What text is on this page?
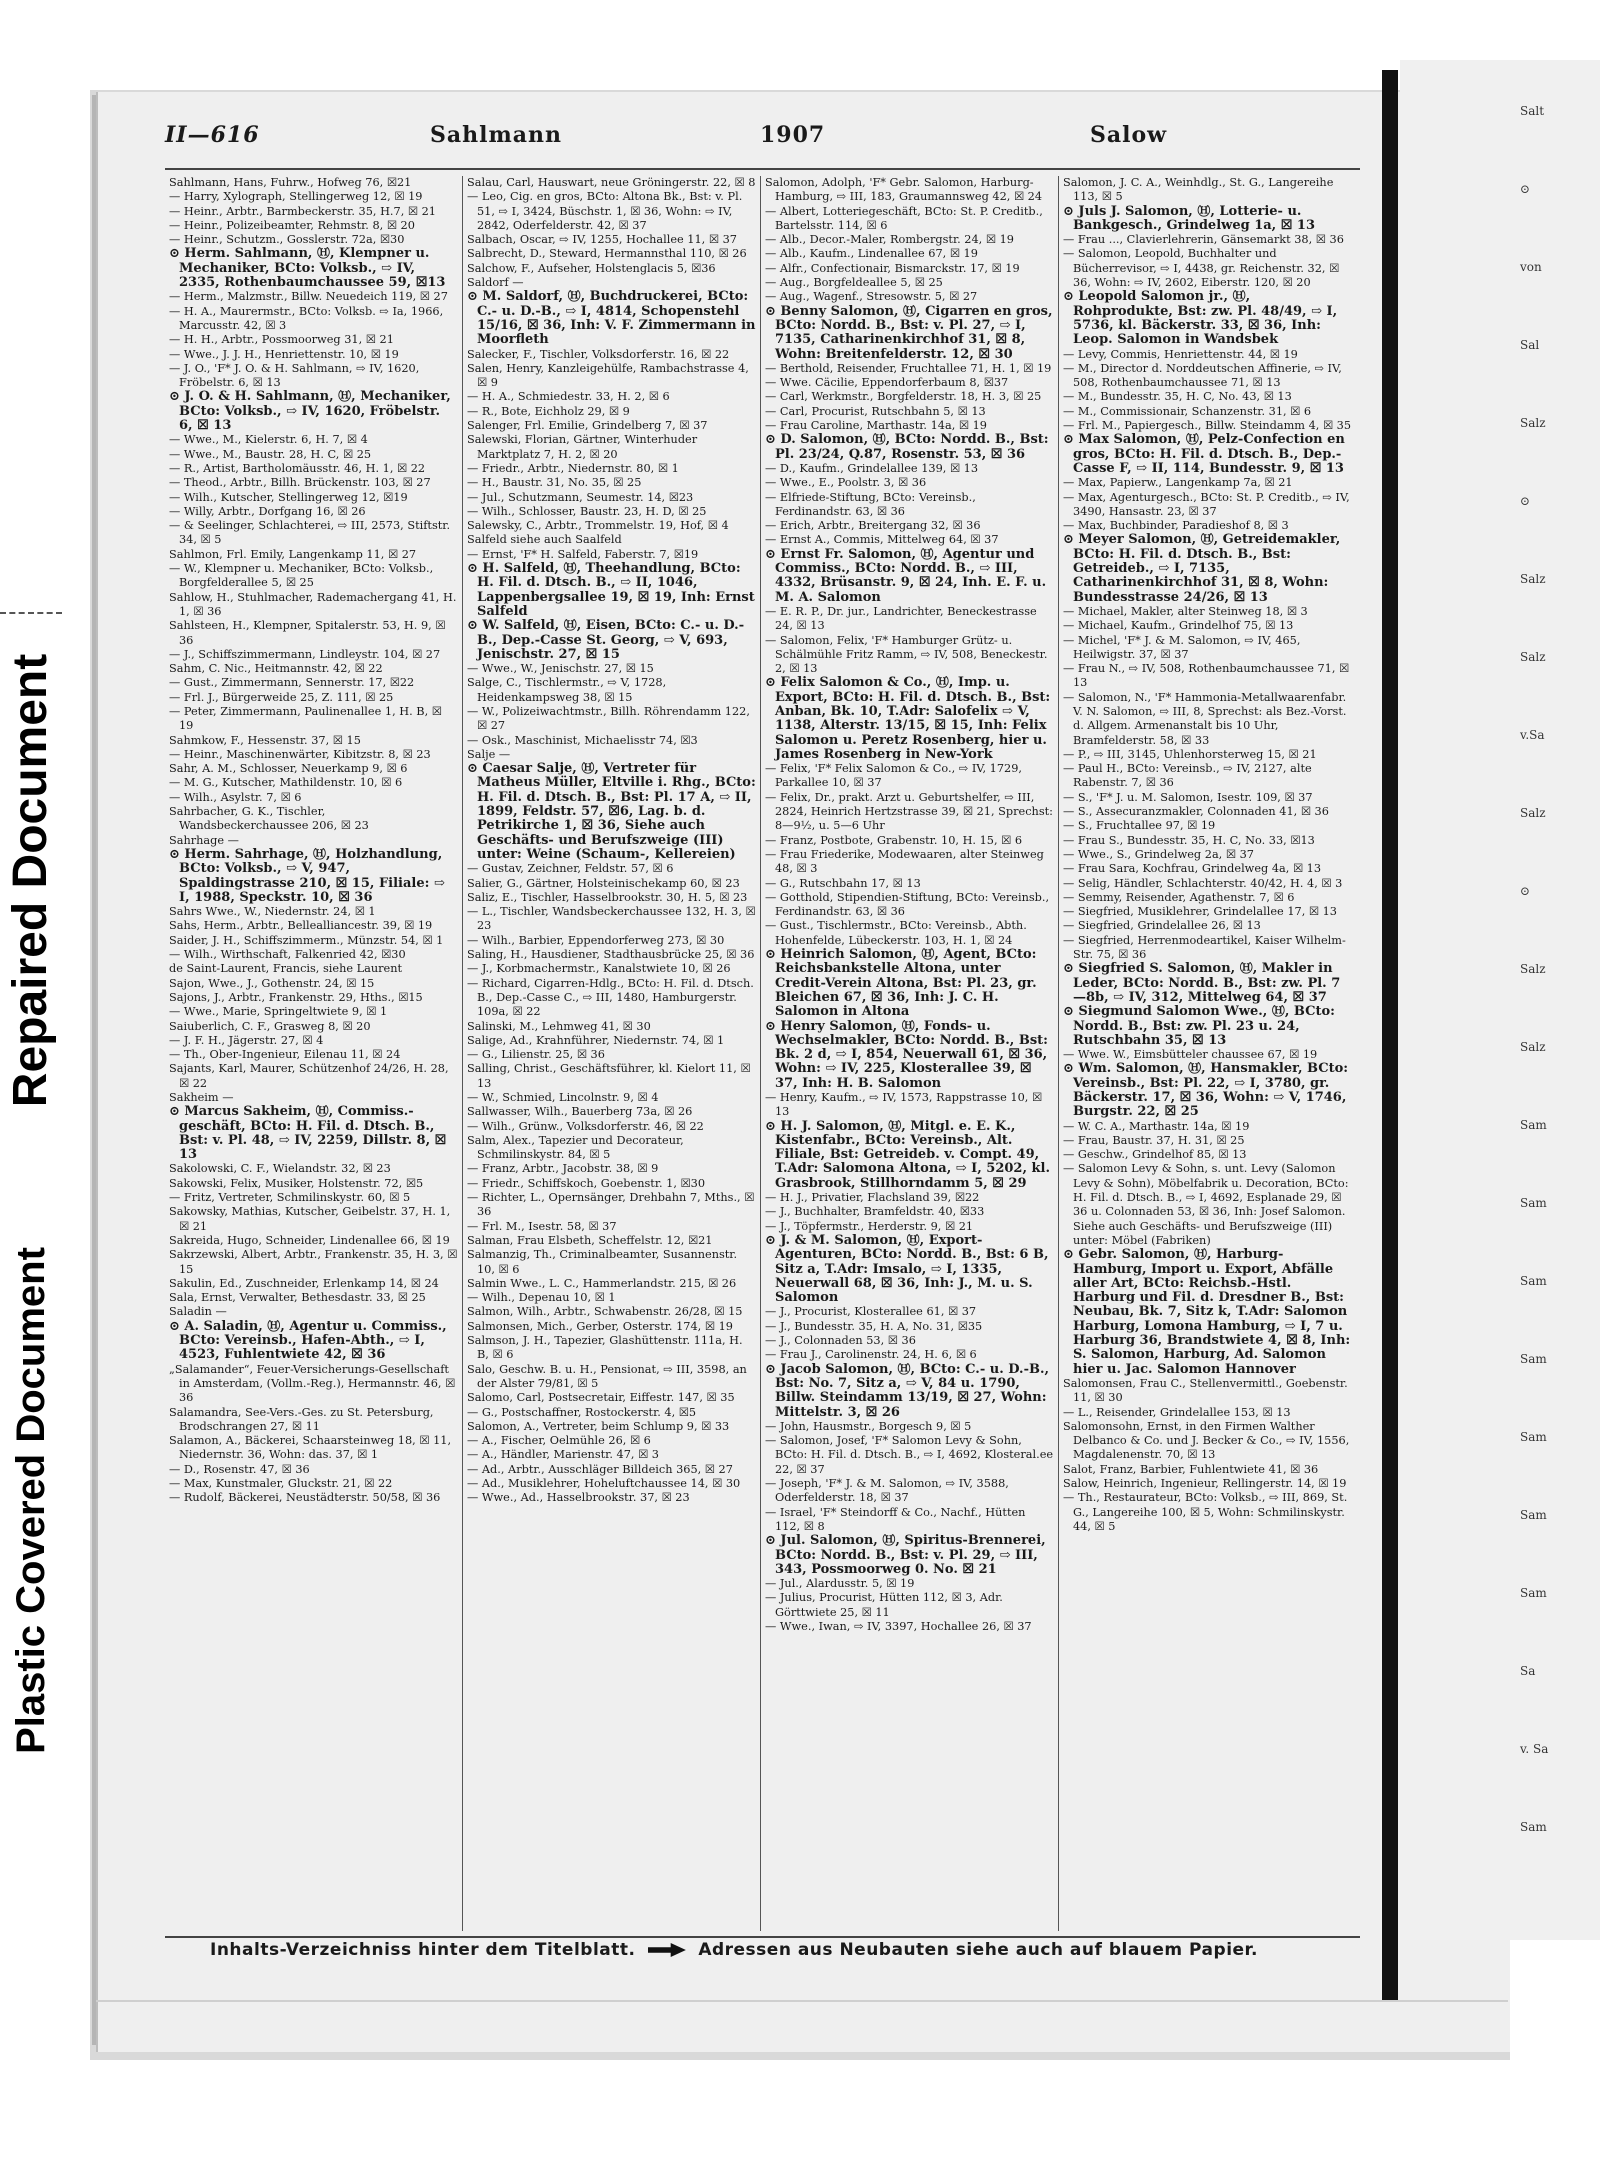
Repaired Document
Plastic Covered Document
Salt
⊙
von
Sal
Salz
⊙
Salz
Salz
v.Sa
Salz
⊙
Salz
Salz
Sam
Sam
Sam
Sam
Sam
Sam
Sam
Sa
v. Sa
Sam
II—616	Sahlmann	1907	Salow

Sahlmann, Hans, Fuhrw., Hofweg 76, ☒21

— Harry, Xylograph, Stellingerweg 12, ☒ 19

— Heinr., Arbtr., Barmbeckerstr. 35, H.7, ☒ 21

— Heinr., Polizeibeamter, Rehmstr. 8, ☒ 20

— Heinr., Schutzm., Gosslerstr. 72a, ☒30

⊙ Herm. Sahlmann, Ⓗ, Klempner u. Mechaniker, BCto: Volksb., ⇨ IV, 2335, Rothenbaumchaussee 59, ☒13

— Herm., Malzmstr., Billw. Neuedeich 119, ☒ 27

— H. A., Maurermstr., BCto: Volksb. ⇨ Ia, 1966, Marcusstr. 42, ☒ 3

— H. H., Arbtr., Possmoorweg 31, ☒ 21

— Wwe., J. J. H., Henriettenstr. 10, ☒ 19

— J. O., 'F* J. O. & H. Sahlmann, ⇨ IV, 1620, Fröbelstr. 6, ☒ 13

⊙ J. O. & H. Sahlmann, Ⓗ, Mechaniker, BCto: Volksb., ⇨ IV, 1620, Fröbelstr. 6, ☒ 13

— Wwe., M., Kielerstr. 6, H. 7, ☒ 4

— Wwe., M., Baustr. 28, H. C, ☒ 25

— R., Artist, Bartholomäusstr. 46, H. 1, ☒ 22

— Theod., Arbtr., Billh. Brückenstr. 103, ☒ 27

— Wilh., Kutscher, Stellingerweg 12, ☒19

— Willy, Arbtr., Dorfgang 16, ☒ 26

— & Seelinger, Schlachterei, ⇨ III, 2573, Stiftstr. 34, ☒ 5

Sahlmon, Frl. Emily, Langenkamp 11, ☒ 27

— W., Klempner u. Mechaniker, BCto: Volksb., Borgfelderallee 5, ☒ 25

Sahlow, H., Stuhlmacher, Rademachergang 41, H. 1, ☒ 36

Sahlsteen, H., Klempner, Spitalerstr. 53, H. 9, ☒ 36

— J., Schiffszimmermann, Lindleystr. 104, ☒ 27

Sahm, C. Nic., Heitmannstr. 42, ☒ 22

— Gust., Zimmermann, Sennerstr. 17, ☒22

— Frl. J., Bürgerweide 25, Z. 111, ☒ 25

— Peter, Zimmermann, Paulinenallee 1, H. B, ☒ 19

Sahmkow, F., Hessenstr. 37, ☒ 15

— Heinr., Maschinenwärter, Kibitzstr. 8, ☒ 23

Sahr, A. M., Schlosser, Neuerkamp 9, ☒ 6

— M. G., Kutscher, Mathildenstr. 10, ☒ 6

— Wilh., Asylstr. 7, ☒ 6

Sahrbacher, G. K., Tischler, Wandsbeckerchaussee 206, ☒ 23

Sahrhage —

⊙ Herm. Sahrhage, Ⓗ, Holzhandlung, BCto: Volksb., ⇨ V, 947, Spaldingstrasse 210, ☒ 15, Filiale: ⇨ I, 1988, Speckstr. 10, ☒ 36

Sahrs Wwe., W., Niedernstr. 24, ☒ 1

Sahs, Herm., Arbtr., Bellealliancestr. 39, ☒ 19

Saider, J. H., Schiffszimmerm., Münzstr. 54, ☒ 1

— Wilh., Wirthschaft, Falkenried 42, ☒30

de Saint-Laurent, Francis, siehe Laurent

Sajon, Wwe., J., Gothenstr. 24, ☒ 15

Sajons, J., Arbtr., Frankenstr. 29, Hths., ☒15

— Wwe., Marie, Springeltwiete 9, ☒ 1

Saiuberlich, C. F., Grasweg 8, ☒ 20

— J. F. H., Jägerstr. 27, ☒ 4

— Th., Ober-Ingenieur, Eilenau 11, ☒ 24

Sajants, Karl, Maurer, Schützenhof 24/26, H. 28, ☒ 22

Sakheim —

⊙ Marcus Sakheim, Ⓗ, Commiss.-geschäft, BCto: H. Fil. d. Dtsch. B., Bst: v. Pl. 48, ⇨ IV, 2259, Dillstr. 8, ☒ 13

Sakolowski, C. F., Wielandstr. 32, ☒ 23

Sakowski, Felix, Musiker, Holstenstr. 72, ☒5

— Fritz, Vertreter, Schmilinskystr. 60, ☒ 5

Sakowsky, Mathias, Kutscher, Geibelstr. 37, H. 1, ☒ 21

Sakreida, Hugo, Schneider, Lindenallee 66, ☒ 19

Sakrzewski, Albert, Arbtr., Frankenstr. 35, H. 3, ☒ 15

Sakulin, Ed., Zuschneider, Erlenkamp 14, ☒ 24

Sala, Ernst, Verwalter, Bethesdastr. 33, ☒ 25

Saladin —

⊙ A. Saladin, Ⓗ, Agentur u. Commiss., BCto: Vereinsb., Hafen-Abth., ⇨ I, 4523, Fuhlentwiete 42, ☒ 36

„Salamander“, Feuer-Versicherungs-Gesellschaft in Amsterdam, (Vollm.-Reg.), Hermannstr. 46, ☒ 36

Salamandra, See-Vers.-Ges. zu St. Petersburg, Brodschrangen 27, ☒ 11

Salamon, A., Bäckerei, Schaarsteinweg 18, ☒ 11, Niedernstr. 36, Wohn: das. 37, ☒ 1

— D., Rosenstr. 47, ☒ 36

— Max, Kunstmaler, Gluckstr. 21, ☒ 22

— Rudolf, Bäckerei, Neustädterstr. 50/58, ☒ 36

Salau, Carl, Hauswart, neue Gröningerstr. 22, ☒ 8

— Leo, Cig. en gros, BCto: Altona Bk., Bst: v. Pl. 51, ⇨ I, 3424, Büschstr. 1, ☒ 36, Wohn: ⇨ IV, 2842, Oderfelderstr. 42, ☒ 37

Salbach, Oscar, ⇨ IV, 1255, Hochallee 11, ☒ 37

Salbrecht, D., Steward, Hermannsthal 110, ☒ 26

Salchow, F., Aufseher, Holstenglacis 5, ☒36

Saldorf —

⊙ M. Saldorf, Ⓗ, Buchdruckerei, BCto: C.- u. D.-B., ⇨ I, 4814, Schopenstehl 15/16, ☒ 36, Inh: V. F. Zimmermann in Moorfleth

Salecker, F., Tischler, Volksdorferstr. 16, ☒ 22

Salen, Henry, Kanzleigehülfe, Rambachstrasse 4, ☒ 9

— H. A., Schmiedestr. 33, H. 2, ☒ 6

— R., Bote, Eichholz 29, ☒ 9

Salenger, Frl. Emilie, Grindelberg 7, ☒ 37

Salewski, Florian, Gärtner, Winterhuder Marktplatz 7, H. 2, ☒ 20

— Friedr., Arbtr., Niedernstr. 80, ☒ 1

— H., Baustr. 31, No. 35, ☒ 25

— Jul., Schutzmann, Seumestr. 14, ☒23

— Wilh., Schlosser, Baustr. 23, H. D, ☒ 25

Salewsky, C., Arbtr., Trommelstr. 19, Hof, ☒ 4

Salfeld siehe auch Saalfeld

— Ernst, 'F* H. Salfeld, Faberstr. 7, ☒19

⊙ H. Salfeld, Ⓗ, Theehandlung, BCto: H. Fil. d. Dtsch. B., ⇨ II, 1046, Lappenbergsallee 19, ☒ 19, Inh: Ernst Salfeld

⊙ W. Salfeld, Ⓗ, Eisen, BCto: C.- u. D.-B., Dep.-Casse St. Georg, ⇨ V, 693, Jenischstr. 27, ☒ 15

— Wwe., W., Jenischstr. 27, ☒ 15

Salge, C., Tischlermstr., ⇨ V, 1728, Heidenkampsweg 38, ☒ 15

— W., Polizeiwachtmstr., Billh. Röhrendamm 122, ☒ 27

— Osk., Maschinist, Michaelisstr 74, ☒3

Salje —

⊙ Caesar Salje, Ⓗ, Vertreter für Matheus Müller, Eltville i. Rhg., BCto: H. Fil. d. Dtsch. B., Bst: Pl. 17 A, ⇨ II, 1899, Feldstr. 57, ☒6, Lag. b. d. Petrikirche 1, ☒ 36, Siehe auch Geschäfts- und Berufszweige (III) unter: Weine (Schaum-, Kellereien)

— Gustav, Zeichner, Feldstr. 57, ☒ 6

Salier, G., Gärtner, Holsteinischekamp 60, ☒ 23

Saliz, E., Tischler, Hasselbrookstr. 30, H. 5, ☒ 23

— L., Tischler, Wandsbeckerchaussee 132, H. 3, ☒ 23

— Wilh., Barbier, Eppendorferweg 273, ☒ 30

Saling, H., Hausdiener, Stadthausbrücke 25, ☒ 36

— J., Korbmachermstr., Kanalstwiete 10, ☒ 26

— Richard, Cigarren-Hdlg., BCto: H. Fil. d. Dtsch. B., Dep.-Casse C., ⇨ III, 1480, Hamburgerstr. 109a, ☒ 22

Salinski, M., Lehmweg 41, ☒ 30

Salige, Ad., Krahnführer, Niedernstr. 74, ☒ 1

— G., Lilienstr. 25, ☒ 36

Salling, Christ., Geschäftsführer, kl. Kielort 11, ☒ 13

— W., Schmied, Lincolnstr. 9, ☒ 4

Sallwasser, Wilh., Bauerberg 73a, ☒ 26

— Wilh., Grünw., Volksdorferstr. 46, ☒ 22

Salm, Alex., Tapezier und Decorateur, Schmilinskystr. 84, ☒ 5

— Franz, Arbtr., Jacobstr. 38, ☒ 9

— Friedr., Schiffskoch, Goebenstr. 1, ☒30

— Richter, L., Opernsänger, Drehbahn 7, Mths., ☒ 36

— Frl. M., Isestr. 58, ☒ 37

Salman, Frau Elsbeth, Scheffelstr. 12, ☒21

Salmanzig, Th., Criminalbeamter, Susannenstr. 10, ☒ 6

Salmin Wwe., L. C., Hammerlandstr. 215, ☒ 26

— Wilh., Depenau 10, ☒ 1

Salmon, Wilh., Arbtr., Schwabenstr. 26/28, ☒ 15

Salmonsen, Mich., Gerber, Osterstr. 174, ☒ 19

Salmson, J. H., Tapezier, Glashüttenstr. 111a, H. B, ☒ 6

Salo, Geschw. B. u. H., Pensionat, ⇨ III, 3598, an der Alster 79/81, ☒ 5

Salomo, Carl, Postsecretair, Eiffestr. 147, ☒ 35

— G., Postschaffner, Rostockerstr. 4, ☒5

Salomon, A., Vertreter, beim Schlump 9, ☒ 33

— A., Fischer, Oelmühle 26, ☒ 6

— A., Händler, Marienstr. 47, ☒ 3

— Ad., Arbtr., Ausschläger Billdeich 365, ☒ 27

— Ad., Musiklehrer, Hoheluftchaussee 14, ☒ 30

— Wwe., Ad., Hasselbrookstr. 37, ☒ 23

Salomon, Adolph, 'F* Gebr. Salomon, Harburg-Hamburg, ⇨ III, 183, Graumannsweg 42, ☒ 24

— Albert, Lotteriegeschäft, BCto: St. P. Creditb., Bartelsstr. 114, ☒ 6

— Alb., Decor.-Maler, Rombergstr. 24, ☒ 19

— Alb., Kaufm., Lindenallee 67, ☒ 19

— Alfr., Confectionair, Bismarckstr. 17, ☒ 19

— Aug., Borgfeldeallee 5, ☒ 25

— Aug., Wagenf., Stresowstr. 5, ☒ 27

⊙ Benny Salomon, Ⓗ, Cigarren en gros, BCto: Nordd. B., Bst: v. Pl. 27, ⇨ I, 7135, Catharinenkirchhof 31, ☒ 8, Wohn: Breitenfelderstr. 12, ☒ 30

— Berthold, Reisender, Fruchtallee 71, H. 1, ☒ 19

— Wwe. Cäcilie, Eppendorferbaum 8, ☒37

— Carl, Werkmstr., Borgfelderstr. 18, H. 3, ☒ 25

— Carl, Procurist, Rutschbahn 5, ☒ 13

— Frau Caroline, Marthastr. 14a, ☒ 19

⊙ D. Salomon, Ⓗ, BCto: Nordd. B., Bst: Pl. 23/24, Q.87, Rosenstr. 53, ☒ 36

— D., Kaufm., Grindelallee 139, ☒ 13

— Wwe., E., Poolstr. 3, ☒ 36

— Elfriede-Stiftung, BCto: Vereinsb., Ferdinandstr. 63, ☒ 36

— Erich, Arbtr., Breitergang 32, ☒ 36

— Ernst A., Commis, Mittelweg 64, ☒ 37

⊙ Ernst Fr. Salomon, Ⓗ, Agentur und Commiss., BCto: Nordd. B., ⇨ III, 4332, Brüsanstr. 9, ☒ 24, Inh. E. F. u. M. A. Salomon

— E. R. P., Dr. jur., Landrichter, Beneckestrasse 24, ☒ 13

— Salomon, Felix, 'F* Hamburger Grütz- u. Schälmühle Fritz Ramm, ⇨ IV, 508, Beneckestr. 2, ☒ 13

⊙ Felix Salomon & Co., Ⓗ, Imp. u. Export, BCto: H. Fil. d. Dtsch. B., Bst: Anban, Bk. 10, T.Adr: Salofelix ⇨ V, 1138, Alterstr. 13/15, ☒ 15, Inh: Felix Salomon u. Peretz Rosenberg, hier u. James Rosenberg in New-York

— Felix, 'F* Felix Salomon & Co., ⇨ IV, 1729, Parkallee 10, ☒ 37

— Felix, Dr., prakt. Arzt u. Geburtshelfer, ⇨ III, 2824, Heinrich Hertzstrasse 39, ☒ 21, Sprechst: 8—9½, u. 5—6 Uhr

— Franz, Postbote, Grabenstr. 10, H. 15, ☒ 6

— Frau Friederike, Modewaaren, alter Steinweg 48, ☒ 3

— G., Rutschbahn 17, ☒ 13

— Gotthold, Stipendien-Stiftung, BCto: Vereinsb., Ferdinandstr. 63, ☒ 36

— Gust., Tischlermstr., BCto: Vereinsb., Abth. Hohenfelde, Lübeckerstr. 103, H. 1, ☒ 24

⊙ Heinrich Salomon, Ⓗ, Agent, BCto: Reichsbankstelle Altona, unter Credit-Verein Altona, Bst: Pl. 23, gr. Bleichen 67, ☒ 36, Inh: J. C. H. Salomon in Altona

⊙ Henry Salomon, Ⓗ, Fonds- u. Wechselmakler, BCto: Nordd. B., Bst: Bk. 2 d, ⇨ I, 854, Neuerwall 61, ☒ 36, Wohn: ⇨ IV, 225, Klosterallee 39, ☒ 37, Inh: H. B. Salomon

— Henry, Kaufm., ⇨ IV, 1573, Rappstrasse 10, ☒ 13

⊙ H. J. Salomon, Ⓗ, Mitgl. e. E. K., Kistenfabr., BCto: Vereinsb., Alt. Filiale, Bst: Getreideb. v. Compt. 49, T.Adr: Salomona Altona, ⇨ I, 5202, kl. Grasbrook, Stillhorndamm 5, ☒ 29

— H. J., Privatier, Flachsland 39, ☒22

— J., Buchhalter, Bramfeldstr. 40, ☒33

— J., Töpfermstr., Herderstr. 9, ☒ 21

⊙ J. & M. Salomon, Ⓗ, Export-Agenturen, BCto: Nordd. B., Bst: 6 B, Sitz a, T.Adr: Imsalo, ⇨ I, 1335, Neuerwall 68, ☒ 36, Inh: J., M. u. S. Salomon

— J., Procurist, Klosterallee 61, ☒ 37

— J., Bundesstr. 35, H. A, No. 31, ☒35

— J., Colonnaden 53, ☒ 36

— Frau J., Carolinenstr. 24, H. 6, ☒ 6

⊙ Jacob Salomon, Ⓗ, BCto: C.- u. D.-B., Bst: No. 7, Sitz a, ⇨ V, 84 u. 1790, Billw. Steindamm 13/19, ☒ 27, Wohn: Mittelstr. 3, ☒ 26

— John, Hausmstr., Borgesch 9, ☒ 5

— Salomon, Josef, 'F* Salomon Levy & Sohn, BCto: H. Fil. d. Dtsch. B., ⇨ I, 4692, Klosteral.ee 22, ☒ 37

— Joseph, 'F* J. & M. Salomon, ⇨ IV, 3588, Oderfelderstr. 18, ☒ 37

— Israel, 'F* Steindorff & Co., Nachf., Hütten 112, ☒ 8

⊙ Jul. Salomon, Ⓗ, Spiritus-Brennerei, BCto: Nordd. B., Bst: v. Pl. 29, ⇨ III, 343, Possmoorweg 0. No. ☒ 21

— Jul., Alardusstr. 5, ☒ 19

— Julius, Procurist, Hütten 112, ☒ 3, Adr. Görttwiete 25, ☒ 11

— Wwe., Iwan, ⇨ IV, 3397, Hochallee 26, ☒ 37

Salomon, J. C. A., Weinhdlg., St. G., Langereihe 113, ☒ 5

⊙ Juls J. Salomon, Ⓗ, Lotterie- u. Bankgesch., Grindelweg 1a, ☒ 13

— Frau ..., Clavierlehrerin, Gänsemarkt 38, ☒ 36

— Salomon, Leopold, Buchhalter und Bücherrevisor, ⇨ I, 4438, gr. Reichenstr. 32, ☒ 36, Wohn: ⇨ IV, 2602, Eiberstr. 120, ☒ 20

⊙ Leopold Salomon jr., Ⓗ, Rohprodukte, Bst: zw. Pl. 48/49, ⇨ I, 5736, kl. Bäckerstr. 33, ☒ 36, Inh: Leop. Salomon in Wandsbek

— Levy, Commis, Henriettenstr. 44, ☒ 19

— M., Director d. Norddeutschen Affinerie, ⇨ IV, 508, Rothenbaumchaussee 71, ☒ 13

— M., Bundesstr. 35, H. C, No. 43, ☒ 13

— M., Commissionair, Schanzenstr. 31, ☒ 6

— Frl. M., Papiergesch., Billw. Steindamm 4, ☒ 35

⊙ Max Salomon, Ⓗ, Pelz-Confection en gros, BCto: H. Fil. d. Dtsch. B., Dep.-Casse F, ⇨ II, 114, Bundesstr. 9, ☒ 13

— Max, Papierw., Langenkamp 7a, ☒ 21

— Max, Agenturgesch., BCto: St. P. Creditb., ⇨ IV, 3490, Hansastr. 23, ☒ 37

— Max, Buchbinder, Paradieshof 8, ☒ 3

⊙ Meyer Salomon, Ⓗ, Getreidemakler, BCto: H. Fil. d. Dtsch. B., Bst: Getreideb., ⇨ I, 7135, Catharinenkirchhof 31, ☒ 8, Wohn: Bundesstrasse 24/26, ☒ 13

— Michael, Makler, alter Steinweg 18, ☒ 3

— Michael, Kaufm., Grindelhof 75, ☒ 13

— Michel, 'F* J. & M. Salomon, ⇨ IV, 465, Heilwigstr. 37, ☒ 37

— Frau N., ⇨ IV, 508, Rothenbaumchaussee 71, ☒ 13

— Salomon, N., 'F* Hammonia-Metallwaarenfabr. V. N. Salomon, ⇨ III, 8, Sprechst: als Bez.-Vorst. d. Allgem. Armenanstalt bis 10 Uhr, Bramfelderstr. 58, ☒ 33

— P., ⇨ III, 3145, Uhlenhorsterweg 15, ☒ 21

— Paul H., BCto: Vereinsb., ⇨ IV, 2127, alte Rabenstr. 7, ☒ 36

— S., 'F* J. u. M. Salomon, Isestr. 109, ☒ 37

— S., Assecuranzmakler, Colonnaden 41, ☒ 36

— S., Fruchtallee 97, ☒ 19

— Frau S., Bundesstr. 35, H. C, No. 33, ☒13

— Wwe., S., Grindelweg 2a, ☒ 37

— Frau Sara, Kochfrau, Grindelweg 4a, ☒ 13

— Selig, Händler, Schlachterstr. 40/42, H. 4, ☒ 3

— Semmy, Reisender, Agathenstr. 7, ☒ 6

— Siegfried, Musiklehrer, Grindelallee 17, ☒ 13

— Siegfried, Grindelallee 26, ☒ 13

— Siegfried, Herrenmodeartikel, Kaiser Wilhelm-Str. 75, ☒ 36

⊙ Siegfried S. Salomon, Ⓗ, Makler in Leder, BCto: Nordd. B., Bst: zw. Pl. 7—8b, ⇨ IV, 312, Mittelweg 64, ☒ 37

⊙ Siegmund Salomon Wwe., Ⓗ, BCto: Nordd. B., Bst: zw. Pl. 23 u. 24, Rutschbahn 35, ☒ 13

— Wwe. W., Eimsbütteler chaussee 67, ☒ 19

⊙ Wm. Salomon, Ⓗ, Hansmakler, BCto: Vereinsb., Bst: Pl. 22, ⇨ I, 3780, gr. Bäckerstr. 17, ☒ 36, Wohn: ⇨ V, 1746, Burgstr. 22, ☒ 25

— W. C. A., Marthastr. 14a, ☒ 19

— Frau, Baustr. 37, H. 31, ☒ 25

— Geschw., Grindelhof 85, ☒ 13

— Salomon Levy & Sohn, s. unt. Levy (Salomon Levy & Sohn), Möbelfabrik u. Decoration, BCto: H. Fil. d. Dtsch. B., ⇨ I, 4692, Esplanade 29, ☒ 36 u. Colonnaden 53, ☒ 36, Inh: Josef Salomon. Siehe auch Geschäfts- und Berufszweige (III) unter: Möbel (Fabriken)

⊙ Gebr. Salomon, Ⓗ, Harburg-Hamburg, Import u. Export, Abfälle aller Art, BCto: Reichsb.-Hstl. Harburg und Fil. d. Dresdner B., Bst: Neubau, Bk. 7, Sitz k, T.Adr: Salomon Harburg, Lomona Hamburg, ⇨ I, 7 u. Harburg 36, Brandstwiete 4, ☒ 8, Inh: S. Salomon, Harburg, Ad. Salomon hier u. Jac. Salomon Hannover

Salomonsen, Frau C., Stellenvermittl., Goebenstr. 11, ☒ 30

— L., Reisender, Grindelallee 153, ☒ 13

Salomonsohn, Ernst, in den Firmen Walther Delbanco & Co. und J. Becker & Co., ⇨ IV, 1556, Magdalenenstr. 70, ☒ 13

Salot, Franz, Barbier, Fuhlentwiete 41, ☒ 36

Salow, Heinrich, Ingenieur, Rellingerstr. 14, ☒ 19

— Th., Restaurateur, BCto: Volksb., ⇨ III, 869, St. G., Langereihe 100, ☒ 5, Wohn: Schmilinskystr. 44, ☒ 5

Inhalts-Verzeichniss hinter dem Titelblatt.	Adressen aus Neubauten siehe auch auf blauem Papier.
